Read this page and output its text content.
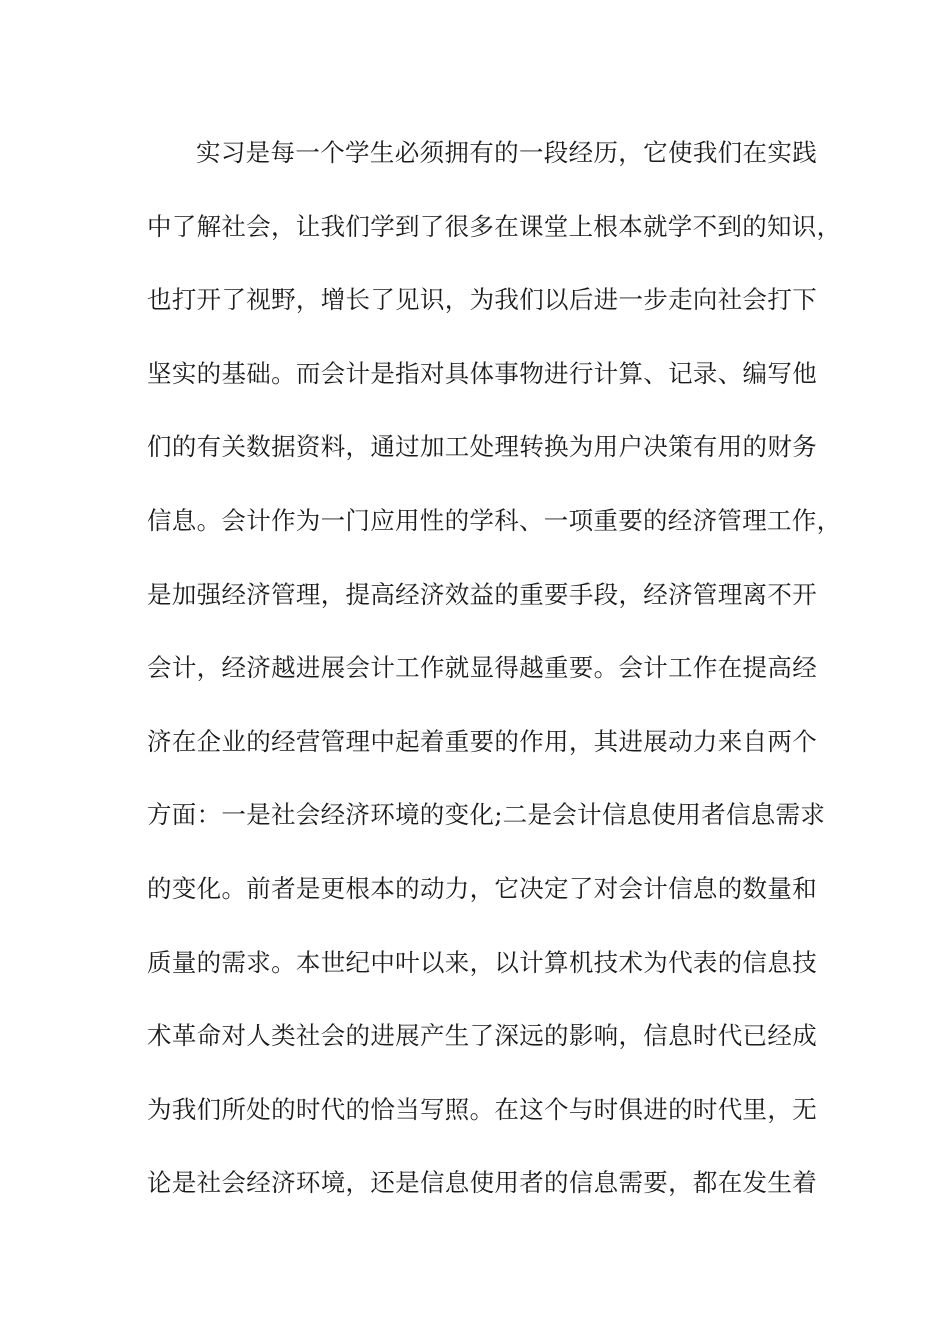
实习是每一个学生必须拥有的一段经历，它使我们在实践
中了解社会，让我们学到了很多在课堂上根本就学不到的知识，
也打开了视野，增长了见识，为我们以后进一步走向社会打下
坚实的基础。而会计是指对具体事物进行计算、记录、编写他
们的有关数据资料，通过加工处理转换为用户决策有用的财务
信息。会计作为一门应用性的学科、一项重要的经济管理工作，
是加强经济管理，提高经济效益的重要手段，经济管理离不开
会计，经济越进展会计工作就显得越重要。会计工作在提高经
济在企业的经营管理中起着重要的作用，其进展动力来自两个
方面：一是社会经济环境的变化;二是会计信息使用者信息需求
的变化。前者是更根本的动力，它决定了对会计信息的数量和
质量的需求。本世纪中叶以来，以计算机技术为代表的信息技
术革命对人类社会的进展产生了深远的影响，信息时代已经成
为我们所处的时代的恰当写照。在这个与时俱进的时代里，无
论是社会经济环境，还是信息使用者的信息需要，都在发生着
